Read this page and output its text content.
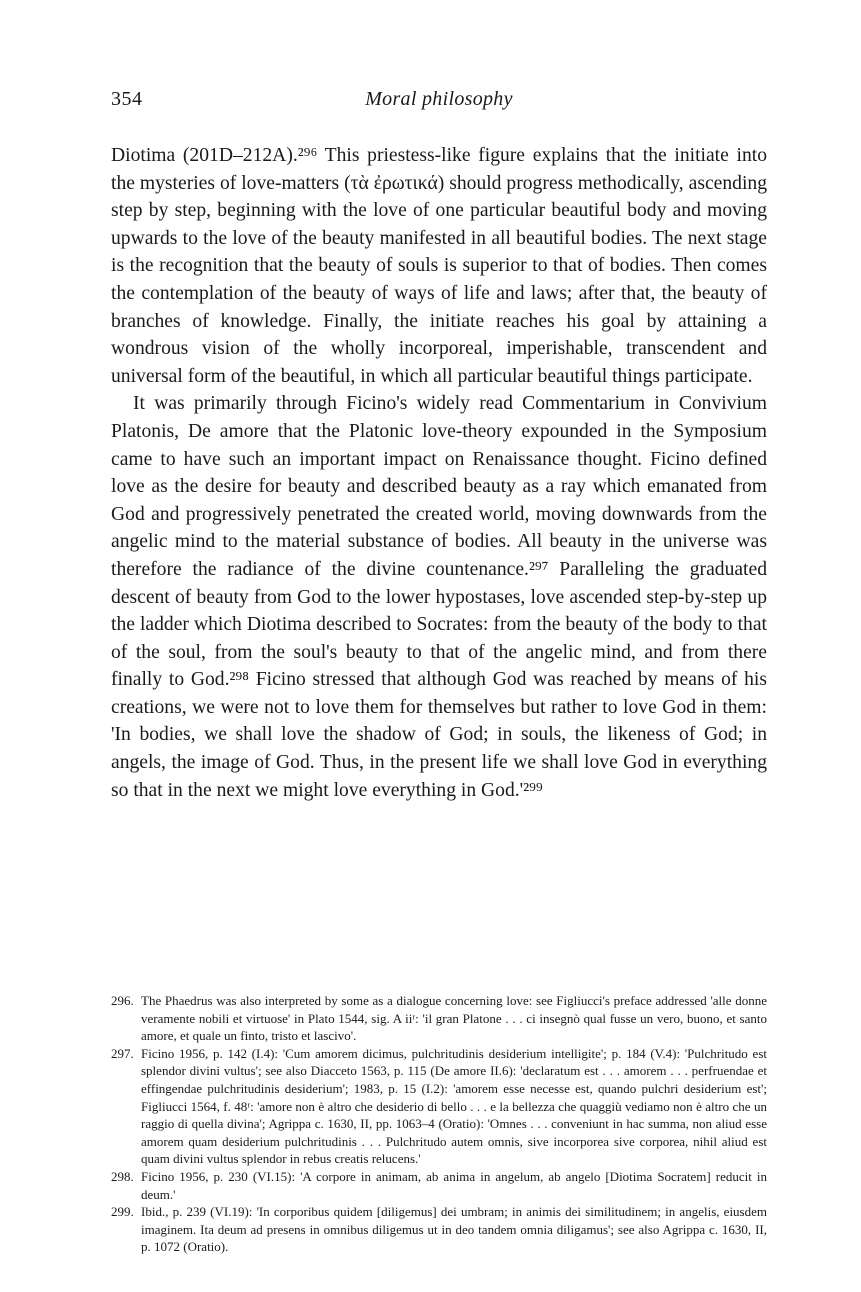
354	Moral philosophy

Diotima (201D–212A).²⁹⁶ This priestess-like figure explains that the initiate into the mysteries of love-matters (τὰ ἐρωτικά) should progress methodically, ascending step by step, beginning with the love of one particular beautiful body and moving upwards to the love of the beauty manifested in all beautiful bodies. The next stage is the recognition that the beauty of souls is superior to that of bodies. Then comes the contemplation of the beauty of ways of life and laws; after that, the beauty of branches of knowledge. Finally, the initiate reaches his goal by attaining a wondrous vision of the wholly incorporeal, imperishable, transcendent and universal form of the beautiful, in which all particular beautiful things participate.

It was primarily through Ficino's widely read Commentarium in Convivium Platonis, De amore that the Platonic love-theory expounded in the Symposium came to have such an important impact on Renaissance thought. Ficino defined love as the desire for beauty and described beauty as a ray which emanated from God and progressively penetrated the created world, moving downwards from the angelic mind to the material substance of bodies. All beauty in the universe was therefore the radiance of the divine countenance.²⁹⁷ Paralleling the graduated descent of beauty from God to the lower hypostases, love ascended step-by-step up the ladder which Diotima described to Socrates: from the beauty of the body to that of the soul, from the soul's beauty to that of the angelic mind, and from there finally to God.²⁹⁸ Ficino stressed that although God was reached by means of his creations, we were not to love them for themselves but rather to love God in them: 'In bodies, we shall love the shadow of God; in souls, the likeness of God; in angels, the image of God. Thus, in the present life we shall love God in everything so that in the next we might love everything in God.'²⁹⁹

296. The Phaedrus was also interpreted by some as a dialogue concerning love: see Figliucci's preface addressed 'alle donne veramente nobili et virtuose' in Plato 1544, sig. A iiʳ: 'il gran Platone . . . ci insegnò qual fusse un vero, buono, et santo amore, et quale un finto, tristo et lascivo'.
297. Ficino 1956, p. 142 (I.4): 'Cum amorem dicimus, pulchritudinis desiderium intelligite'; p. 184 (V.4): 'Pulchritudo est splendor divini vultus'; see also Diacceto 1563, p. 115 (De amore II.6): 'declaratum est . . . amorem . . . perfruendae et effingendae pulchritudinis desiderium'; 1983, p. 15 (I.2): 'amorem esse necesse est, quando pulchri desiderium est'; Figliucci 1564, f. 48ʳ: 'amore non è altro che desiderio di bello . . . e la bellezza che quaggiù vediamo non è altro che un raggio di quella divina'; Agrippa c. 1630, II, pp. 1063–4 (Oratio): 'Omnes . . . conveniunt in hac summa, non aliud esse amorem quam desiderium pulchritudinis . . . Pulchritudo autem omnis, sive incorporea sive corporea, nihil aliud est quam divini vultus splendor in rebus creatis relucens.'
298. Ficino 1956, p. 230 (VI.15): 'A corpore in animam, ab anima in angelum, ab angelo [Diotima Socratem] reducit in deum.'
299. Ibid., p. 239 (VI.19): 'In corporibus quidem [diligemus] dei umbram; in animis dei similitudinem; in angelis, eiusdem imaginem. Ita deum ad presens in omnibus diligemus ut in deo tandem omnia diligamus'; see also Agrippa c. 1630, II, p. 1072 (Oratio).
